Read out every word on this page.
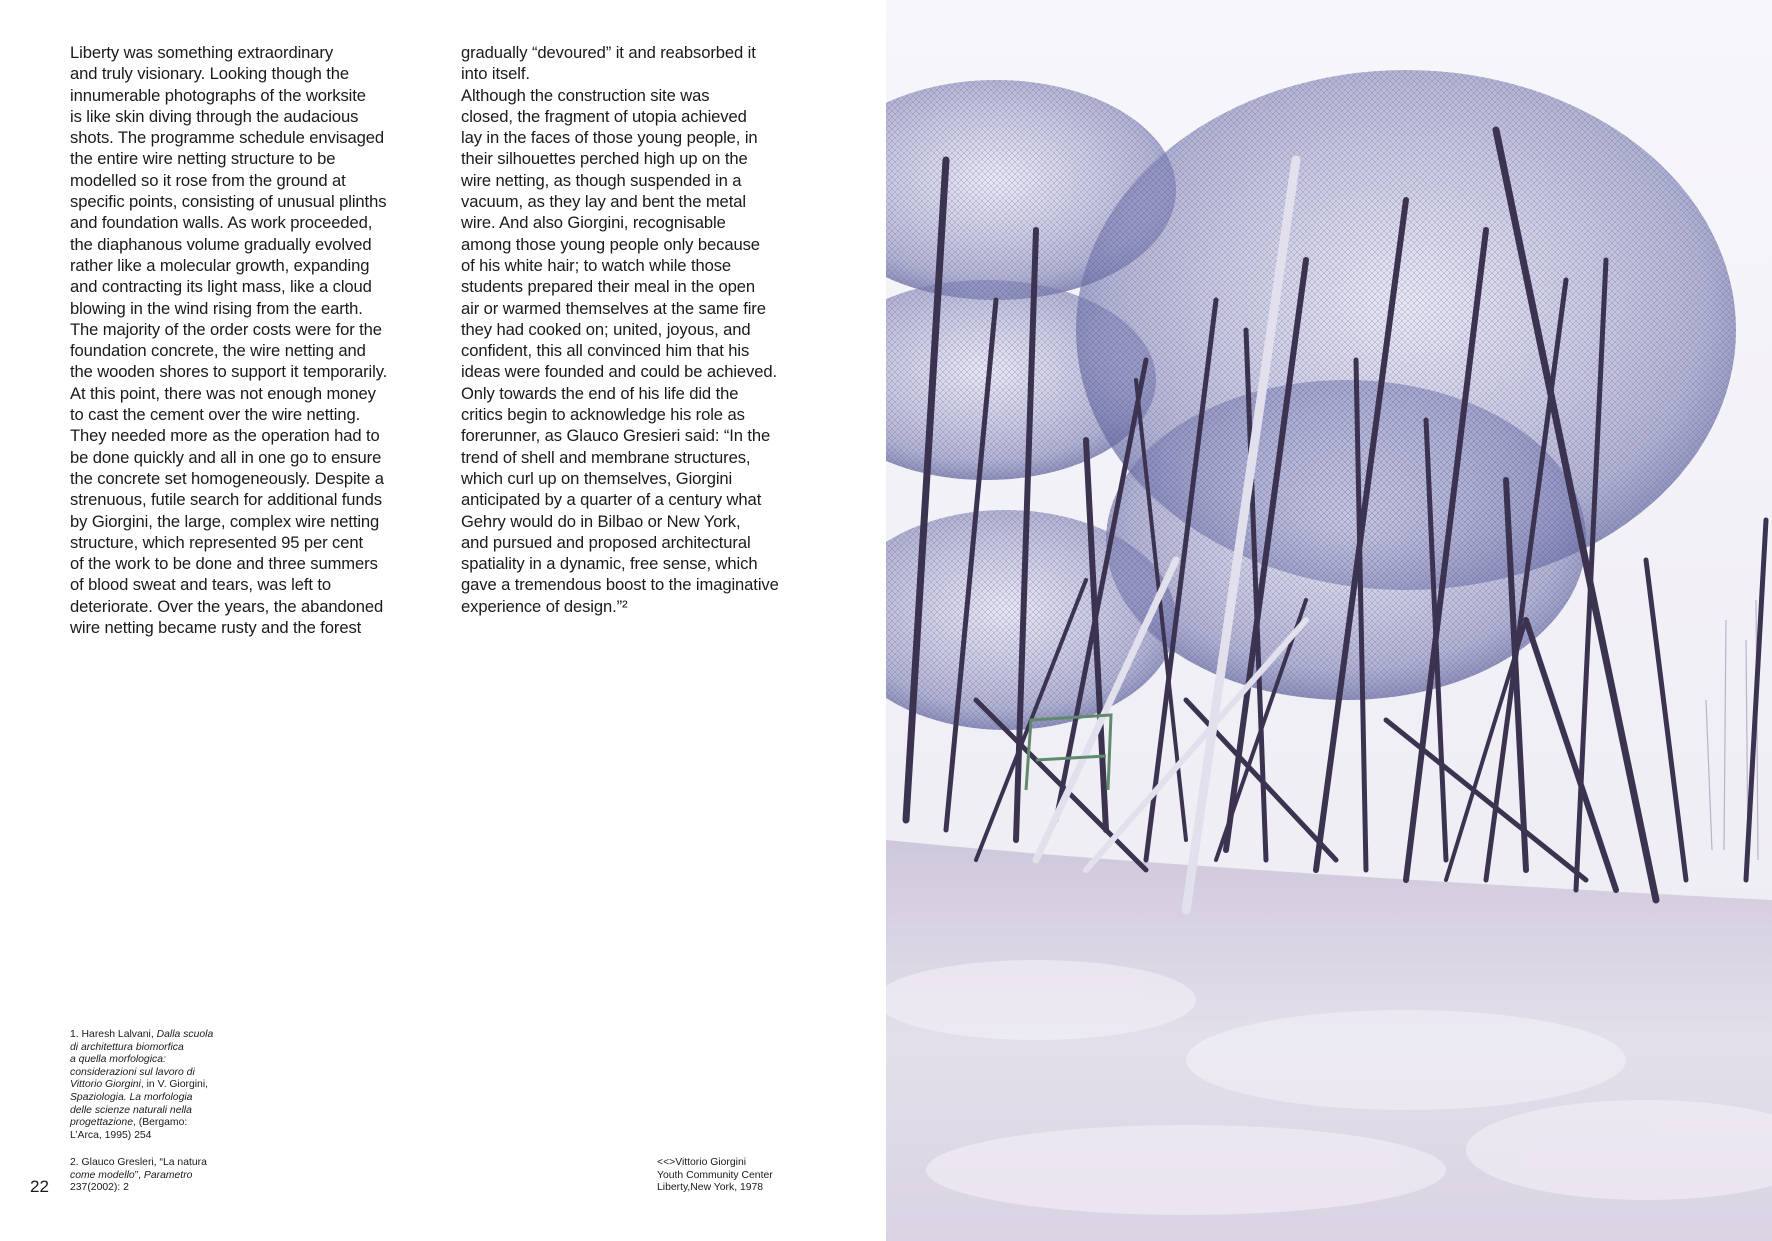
Liberty was something extraordinary

and truly visionary. Looking though the

innumerable photographs of the worksite

is like skin diving through the audacious

shots. The programme schedule envisaged

the entire wire netting structure to be

modelled so it rose from the ground at

specific points, consisting of unusual plinths

and foundation walls. As work proceeded,

the diaphanous volume gradually evolved

rather like a molecular growth, expanding

and contracting its light mass, like a cloud

blowing in the wind rising from the earth.

The majority of the order costs were for the

foundation concrete, the wire netting and

the wooden shores to support it temporarily.

At this point, there was not enough money

to cast the cement over the wire netting.

They needed more as the operation had to

be done quickly and all in one go to ensure

the concrete set homogeneously. Despite a

strenuous, futile search for additional funds

by Giorgini, the large, complex wire netting

structure, which represented 95 per cent

of the work to be done and three summers

of blood sweat and tears, was left to

deteriorate. Over the years, the abandoned

wire netting became rusty and the forest

gradually “devoured” it and reabsorbed it

into itself.

Although the construction site was

closed, the fragment of utopia achieved

lay in the faces of those young people, in

their silhouettes perched high up on the

wire netting, as though suspended in a

vacuum, as they lay and bent the metal

wire. And also Giorgini, recognisable

among those young people only because

of his white hair; to watch while those

students prepared their meal in the open

air or warmed themselves at the same fire

they had cooked on; united, joyous, and

confident, this all convinced him that his

ideas were founded and could be achieved.

Only towards the end of his life did the

critics begin to acknowledge his role as

forerunner, as Glauco Gresieri said: “In the

trend of shell and membrane structures,

which curl up on themselves, Giorgini

anticipated by a quarter of a century what

Gehry would do in Bilbao or New York,

and pursued and proposed architectural

spatiality in a dynamic, free sense, which

gave a tremendous boost to the imaginative

experience of design.”²

1. Haresh Lalvani, Dalla scuola

di architettura biomorfica

a quella morfologica:

considerazioni sul lavoro di

Vittorio Giorgini, in V. Giorgini,

Spaziologia. La morfologia

delle scienze naturali nella

progettazione, (Bergamo:

L’Arca, 1995) 254

2. Glauco Gresleri, “La natura

come modello”, Parametro

237(2002): 2

22

<<>Vittorio Giorgini

Youth Community Center

Liberty,New York, 1978
